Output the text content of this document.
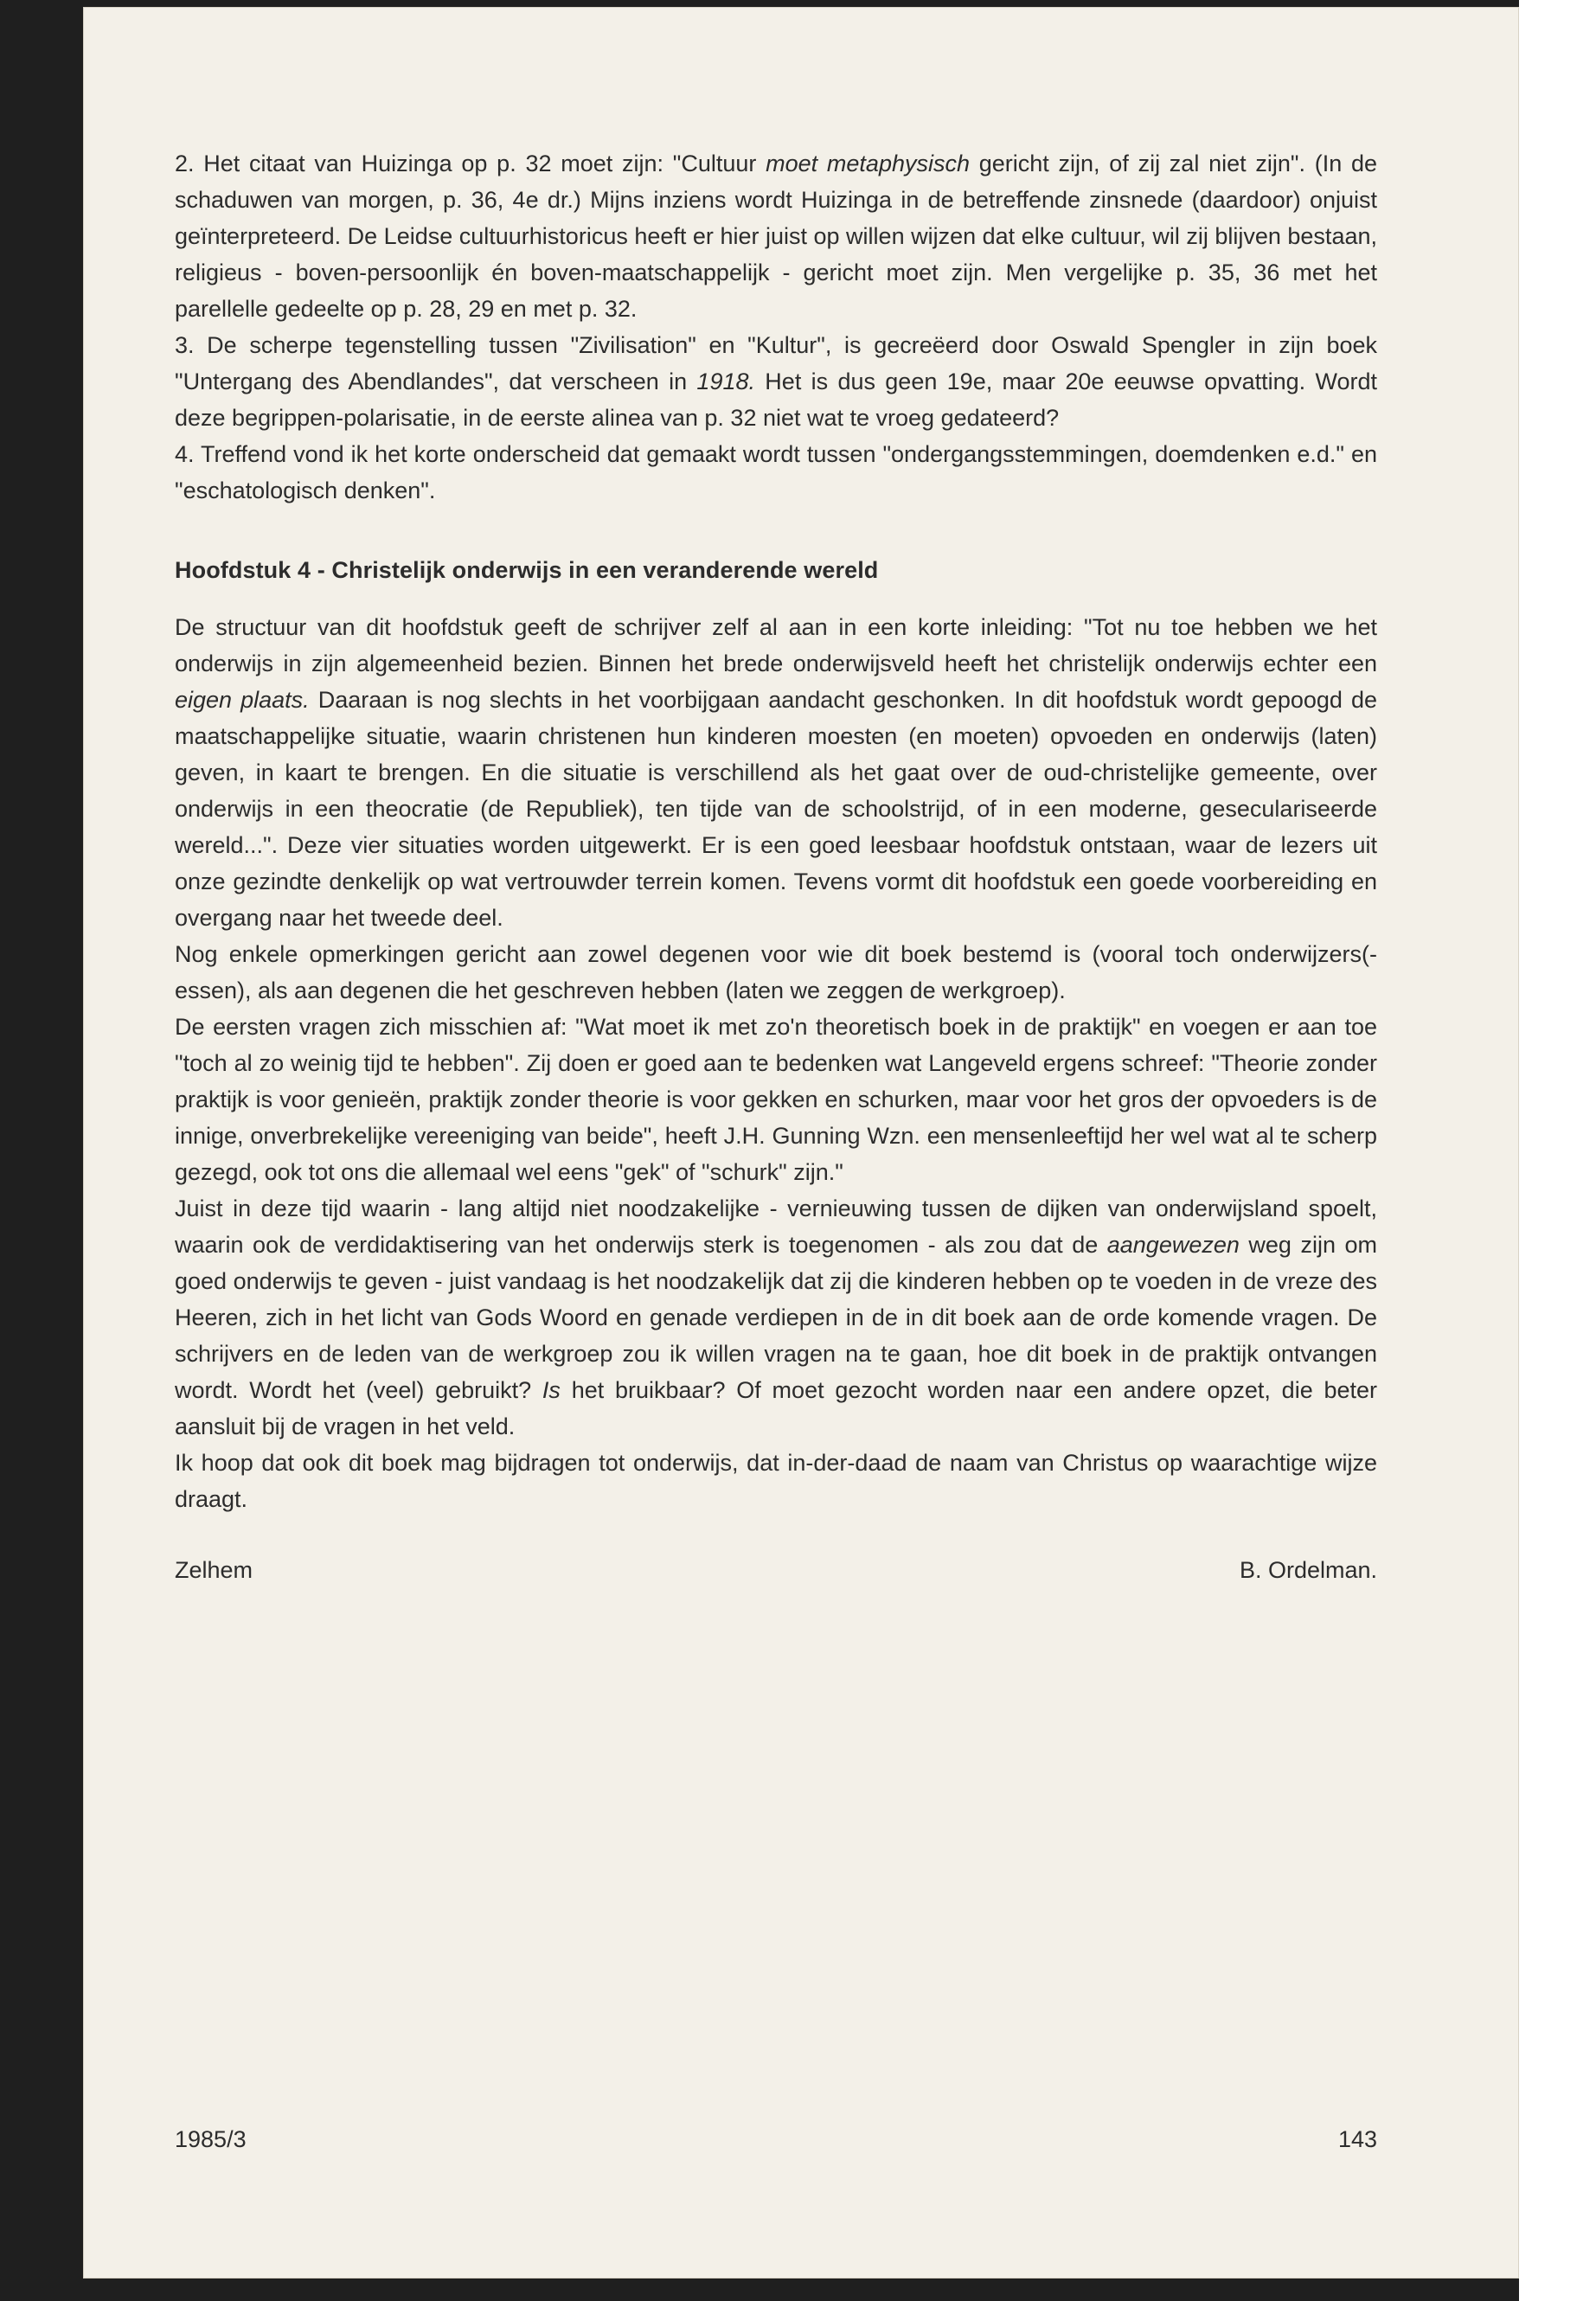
2. Het citaat van Huizinga op p. 32 moet zijn: "Cultuur moet metaphysisch gericht zijn, of zij zal niet zijn". (In de schaduwen van morgen, p. 36, 4e dr.) Mijns inziens wordt Huizinga in de betreffende zinsnede (daardoor) onjuist geïnterpreteerd. De Leidse cultuurhistoricus heeft er hier juist op willen wijzen dat elke cultuur, wil zij blijven bestaan, religieus - boven-persoonlijk én boven-maatschappelijk - gericht moet zijn. Men vergelijke p. 35, 36 met het parellelle gedeelte op p. 28, 29 en met p. 32.

3. De scherpe tegenstelling tussen "Zivilisation" en "Kultur", is gecreëerd door Oswald Spengler in zijn boek "Untergang des Abendlandes", dat verscheen in 1918. Het is dus geen 19e, maar 20e eeuwse opvatting. Wordt deze begrippen-polarisatie, in de eerste alinea van p. 32 niet wat te vroeg gedateerd?

4. Treffend vond ik het korte onderscheid dat gemaakt wordt tussen "ondergangsstemmingen, doemdenken e.d." en "eschatologisch denken".

Hoofdstuk 4 - Christelijk onderwijs in een veranderende wereld

De structuur van dit hoofdstuk geeft de schrijver zelf al aan in een korte inleiding: "Tot nu toe hebben we het onderwijs in zijn algemeenheid bezien. Binnen het brede onderwijsveld heeft het christelijk onderwijs echter een eigen plaats. Daaraan is nog slechts in het voorbijgaan aandacht geschonken. In dit hoofdstuk wordt gepoogd de maatschappelijke situatie, waarin christenen hun kinderen moesten (en moeten) opvoeden en onderwijs (laten) geven, in kaart te brengen. En die situatie is verschillend als het gaat over de oud-christelijke gemeente, over onderwijs in een theocratie (de Republiek), ten tijde van de schoolstrijd, of in een moderne, geseculariseerde wereld...". Deze vier situaties worden uitgewerkt. Er is een goed leesbaar hoofdstuk ontstaan, waar de lezers uit onze gezindte denkelijk op wat vertrouwder terrein komen. Tevens vormt dit hoofdstuk een goede voorbereiding en overgang naar het tweede deel.

Nog enkele opmerkingen gericht aan zowel degenen voor wie dit boek bestemd is (vooral toch onderwijzers(-essen), als aan degenen die het geschreven hebben (laten we zeggen de werkgroep).

De eersten vragen zich misschien af: "Wat moet ik met zo'n theoretisch boek in de praktijk" en voegen er aan toe "toch al zo weinig tijd te hebben". Zij doen er goed aan te bedenken wat Langeveld ergens schreef: "Theorie zonder praktijk is voor genieën, praktijk zonder theorie is voor gekken en schurken, maar voor het gros der opvoeders is de innige, onverbrekelijke vereeniging van beide", heeft J.H. Gunning Wzn. een mensenleeftijd her wel wat al te scherp gezegd, ook tot ons die allemaal wel eens "gek" of "schurk" zijn."

Juist in deze tijd waarin - lang altijd niet noodzakelijke - vernieuwing tussen de dijken van onderwijsland spoelt, waarin ook de verdidaktisering van het onderwijs sterk is toegenomen - als zou dat de aangewezen weg zijn om goed onderwijs te geven - juist vandaag is het noodzakelijk dat zij die kinderen hebben op te voeden in de vreze des Heeren, zich in het licht van Gods Woord en genade verdiepen in de in dit boek aan de orde komende vragen. De schrijvers en de leden van de werkgroep zou ik willen vragen na te gaan, hoe dit boek in de praktijk ontvangen wordt. Wordt het (veel) gebruikt? Is het bruikbaar? Of moet gezocht worden naar een andere opzet, die beter aansluit bij de vragen in het veld.

Ik hoop dat ook dit boek mag bijdragen tot onderwijs, dat in-der-daad de naam van Christus op waarachtige wijze draagt.

Zelhem	B. Ordelman.
1985/3	143
